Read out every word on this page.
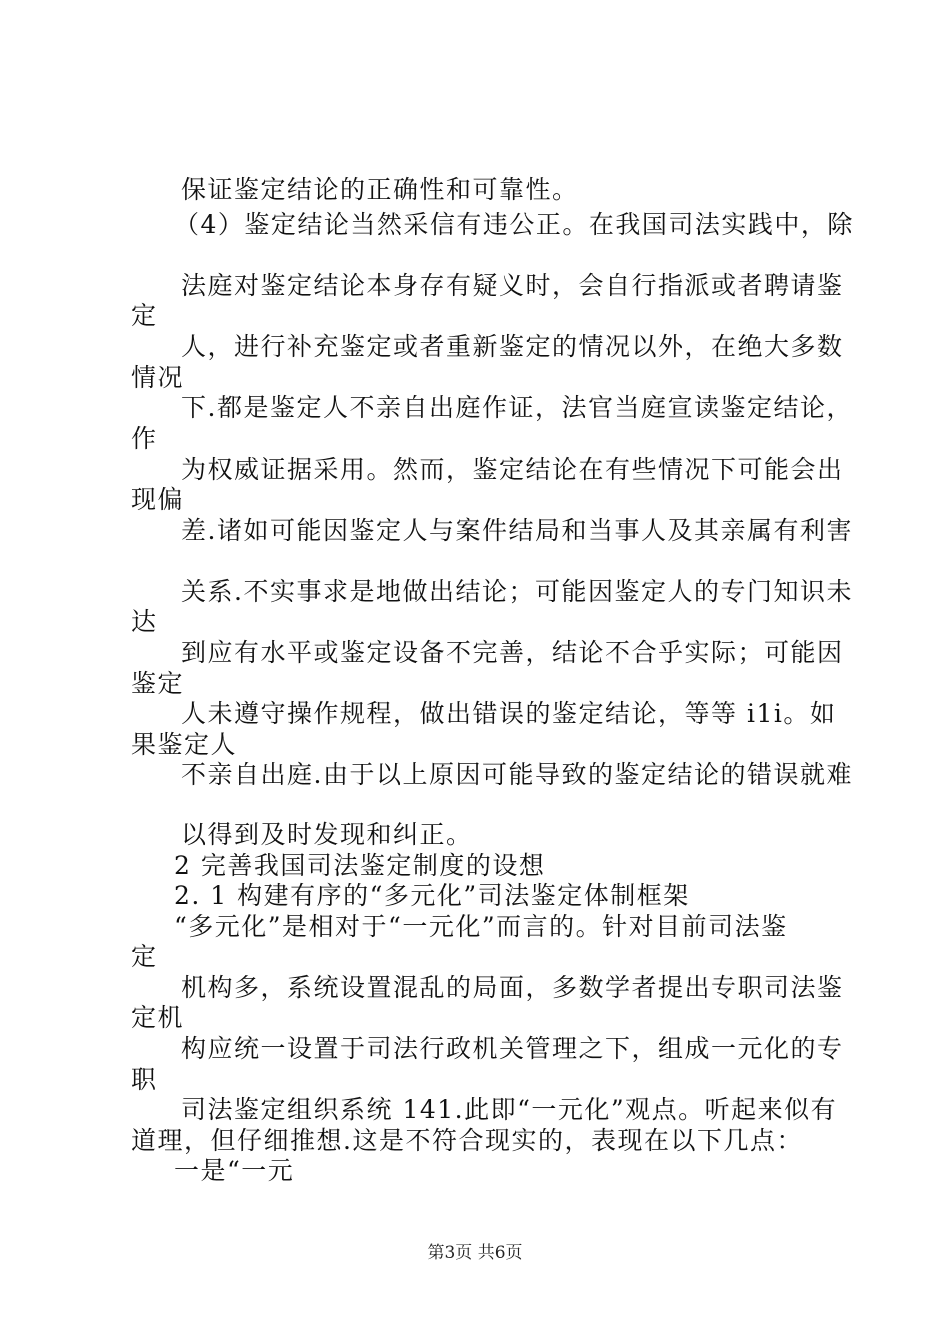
保证鉴定结论的正确性和可靠性。
（4）鉴定结论当然采信有违公正。在我国司法实践中，除
法庭对鉴定结论本身存有疑义时，会自行指派或者聘请鉴
定
人，进行补充鉴定或者重新鉴定的情况以外，在绝大多数
情况
下.都是鉴定人不亲自出庭作证，法官当庭宣读鉴定结论，
作
为权威证据采用。然而，鉴定结论在有些情况下可能会出
现偏
差.诸如可能因鉴定人与案件结局和当事人及其亲属有利害
关系.不实事求是地做出结论；可能因鉴定人的专门知识未
达
到应有水平或鉴定设备不完善，结论不合乎实际；可能因
鉴定
人未遵守操作规程，做出错误的鉴定结论，等等 i1i。如
果鉴定人
不亲自出庭.由于以上原因可能导致的鉴定结论的错误就难
以得到及时发现和纠正。
2 完善我国司法鉴定制度的设想
2. 1 构建有序的“多元化”司法鉴定体制框架
“多元化”是相对于“一元化”而言的。针对目前司法鉴
定
机构多，系统设置混乱的局面，多数学者提出专职司法鉴
定机
构应统一设置于司法行政机关管理之下，组成一元化的专
职
司法鉴定组织系统 141.此即“一元化”观点。听起来似有
道理，但仔细推想.这是不符合现实的，表现在以下几点：
一是“一元
第3页 共6页
